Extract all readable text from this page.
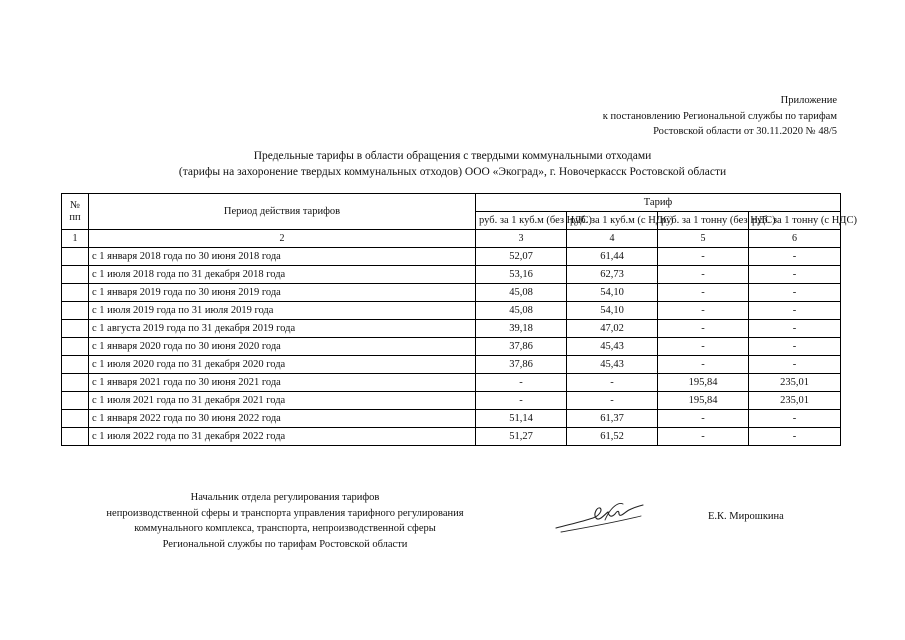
Приложение
к постановлению Региональной службы по тарифам
Ростовской области от 30.11.2020 № 48/5
Предельные тарифы в области обращения с твердыми коммунальными отходами
(тарифы на захоронение твердых коммунальных отходов) ООО «Экоград», г. Новочеркасск Ростовской области
№ пп	Период действия тарифов	Тариф			
		руб. за 1 куб.м (без НДС)	руб. за 1 куб.м (с НДС)	руб. за 1 тонну (без НДС)	руб. за 1 тонну (с НДС)
1	2	3	4	5	6
	с 1 января 2018 года по 30 июня 2018 года	52,07	61,44	-	-
	с 1 июля 2018 года по 31 декабря 2018 года	53,16	62,73	-	-
	с 1 января 2019 года по 30 июня 2019 года	45,08	54,10	-	-
	с 1 июля 2019 года по 31 июля 2019 года	45,08	54,10	-	-
	с 1 августа 2019 года по 31 декабря 2019 года	39,18	47,02	-	-
	с 1 января 2020 года по 30 июня 2020 года	37,86	45,43	-	-
	с 1 июля 2020 года по 31 декабря 2020 года	37,86	45,43	-	-
	с 1 января 2021 года по 30 июня 2021 года	-	-	195,84	235,01
	с 1 июля 2021 года по 31 декабря 2021 года	-	-	195,84	235,01
	с 1 января 2022 года по 30 июня 2022 года	51,14	61,37	-	-
	с 1 июля 2022 года по 31 декабря 2022 года	51,27	61,52	-	-
Начальник отдела регулирования тарифов
непроизводственной сферы и транспорта управления тарифного регулирования
коммунального комплекса, транспорта, непроизводственной сферы
Региональной службы по тарифам Ростовской области
Е.К. Мирошкина
